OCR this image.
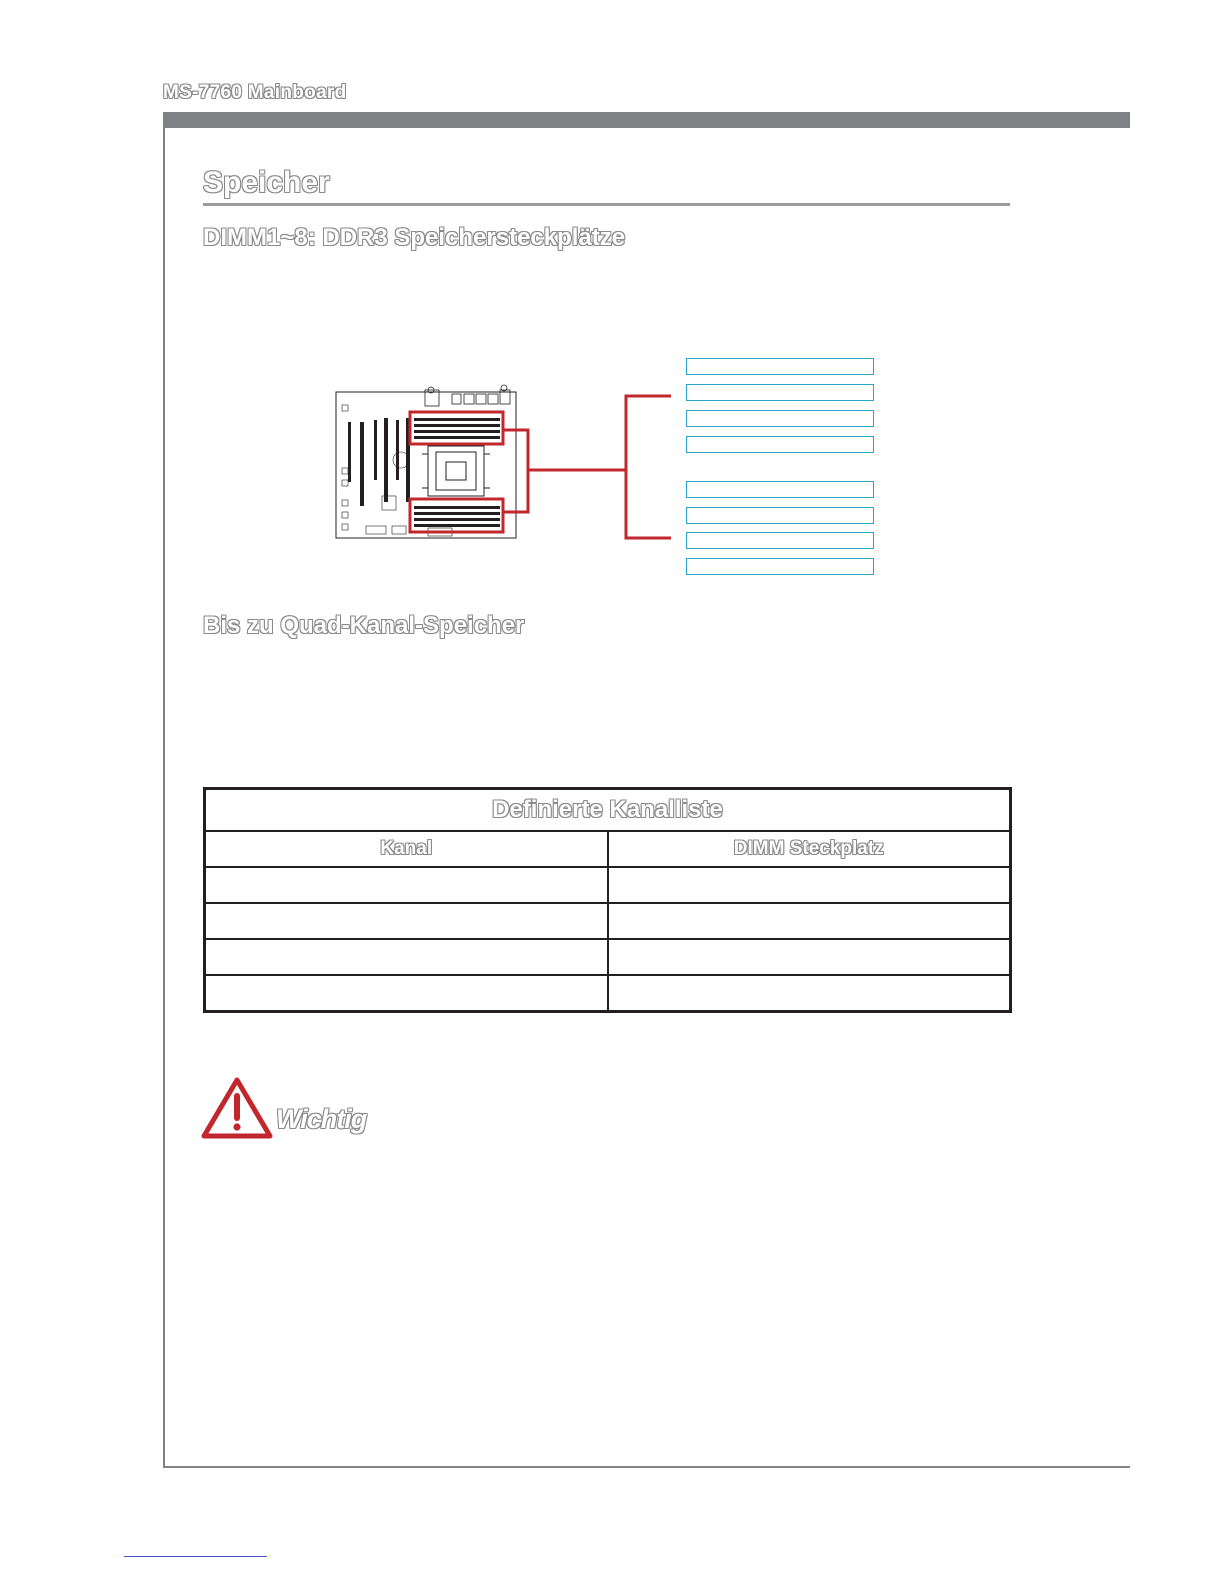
MS-7760 Mainboard
Speicher
DIMM1~8: DDR3 Speichersteckplätze
Bis zu Quad-Kanal-Speicher
Definierte Kanalliste	
Kanal	DIMM Steckplatz

Wichtig
